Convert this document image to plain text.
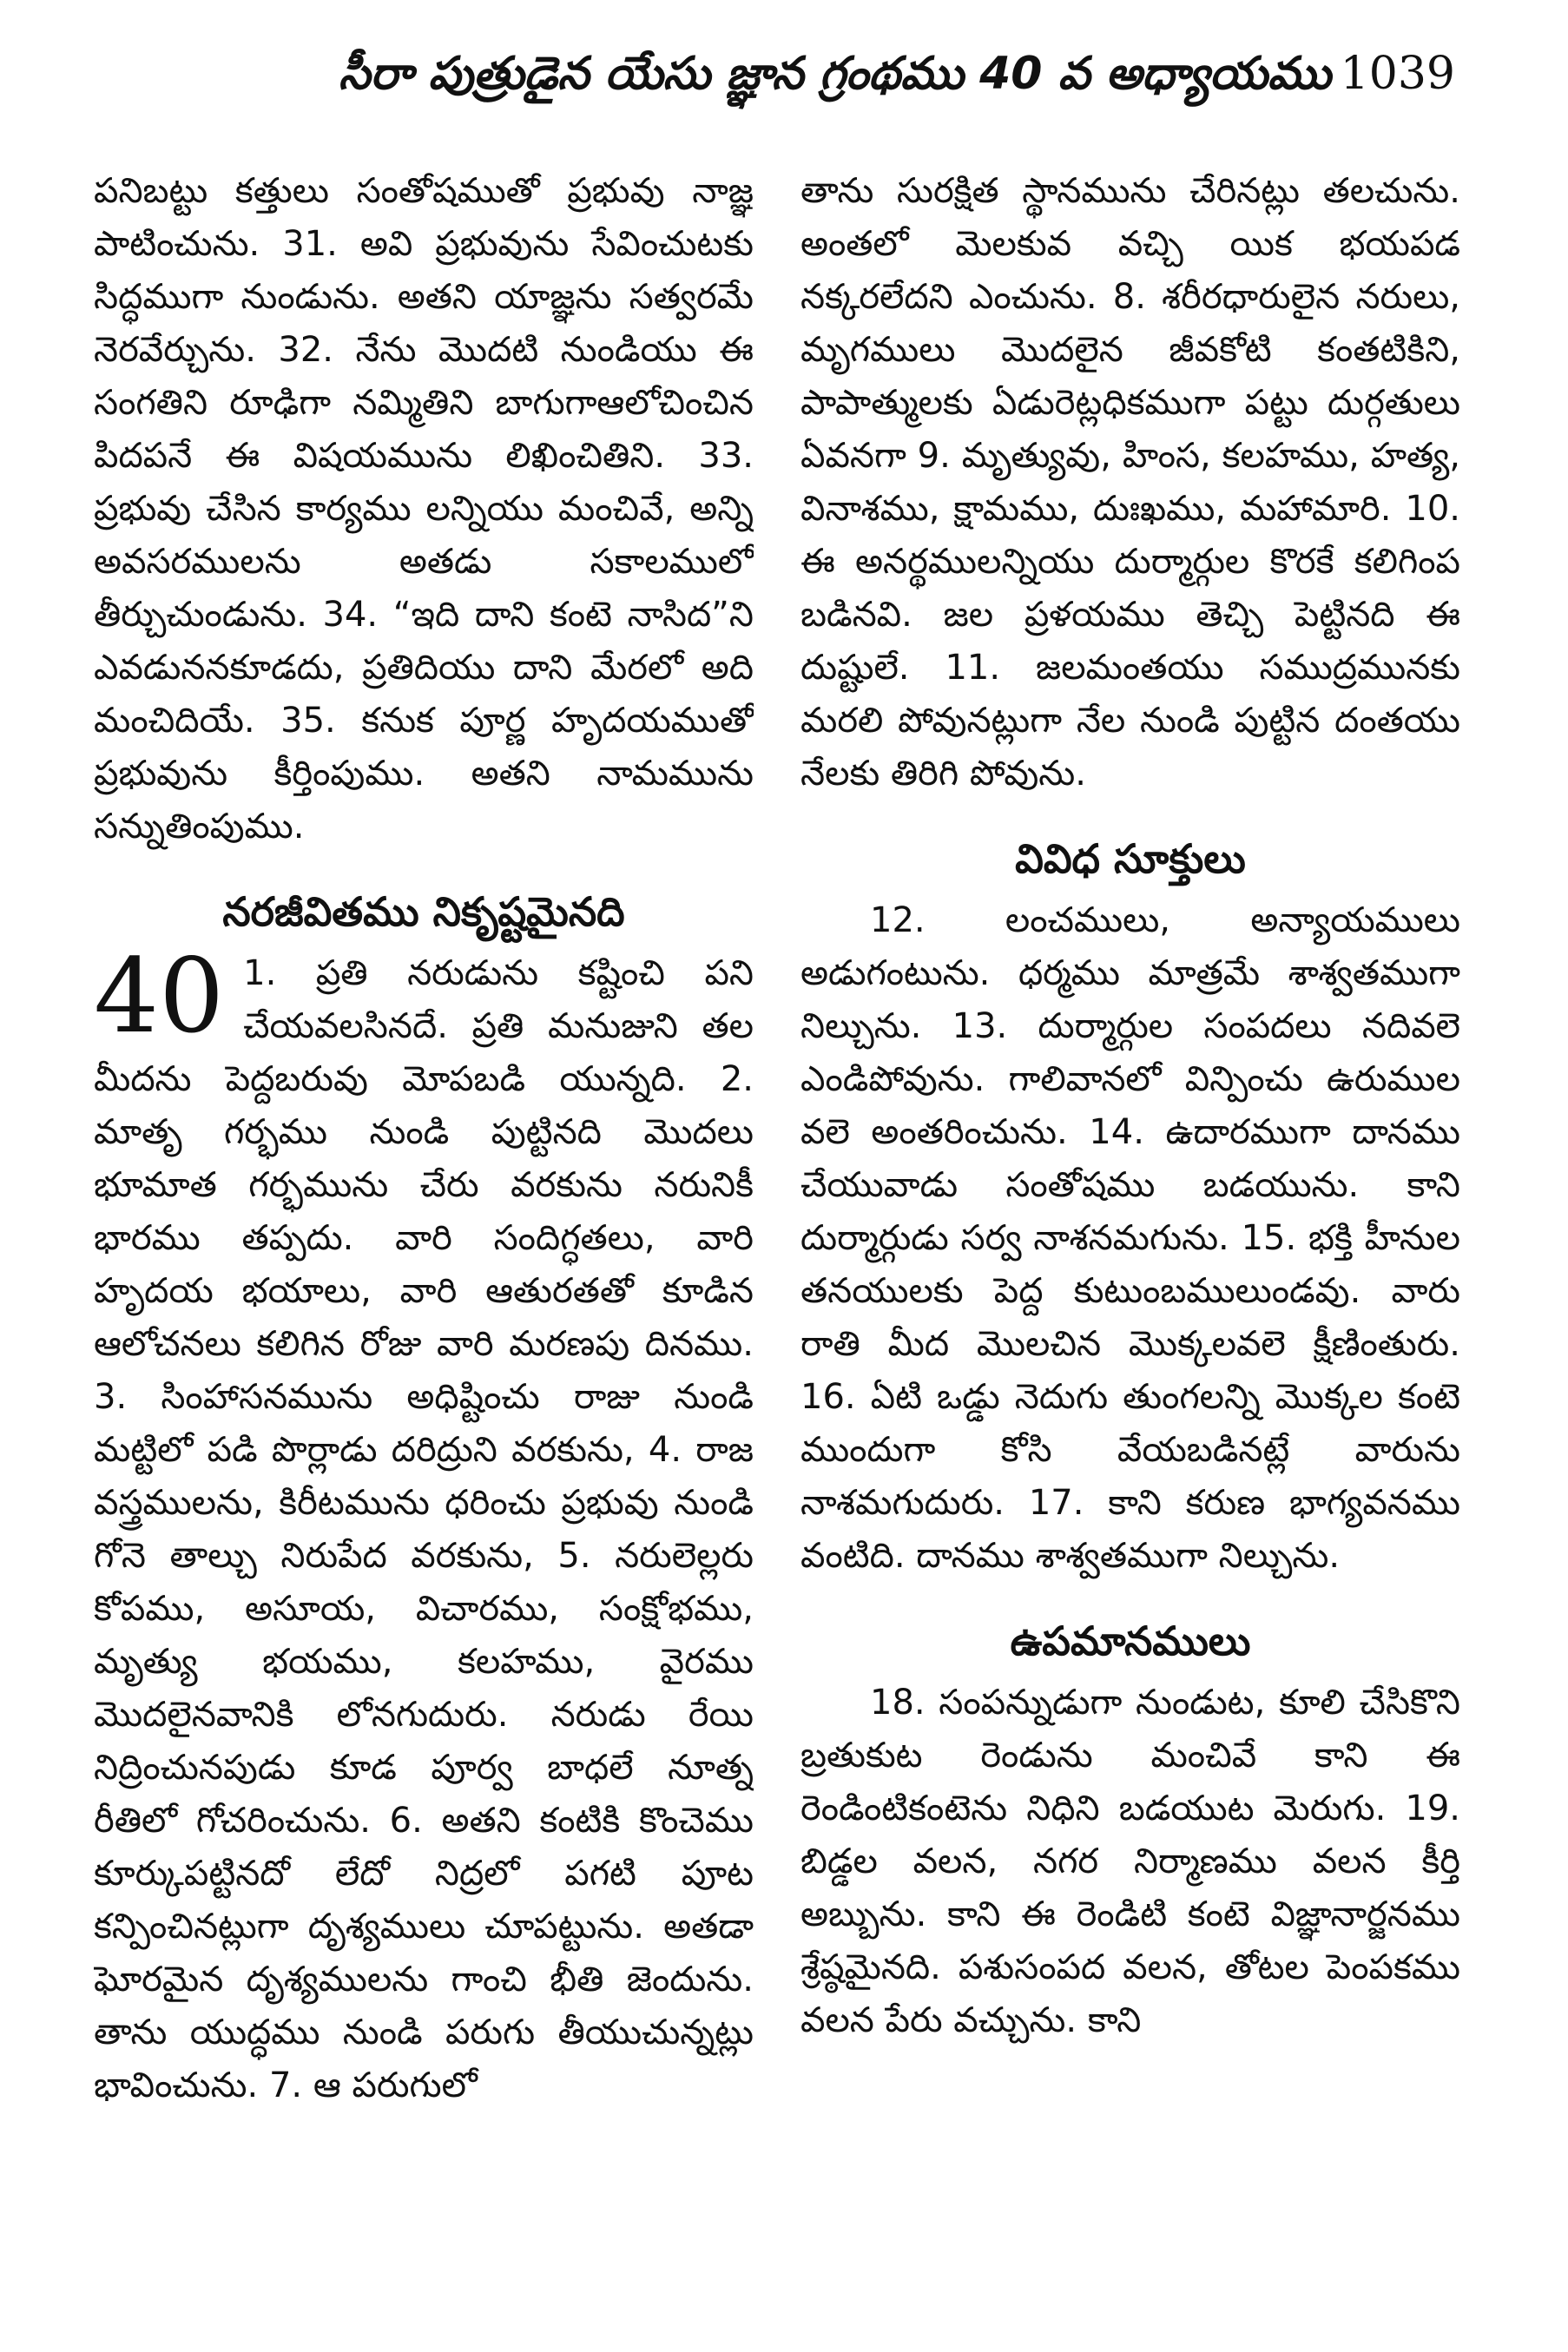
సీరా పుత్రుడైన యేసు జ్ఞాన గ్రంథము 40 వ అధ్యాయము 1039

పనిబట్టు కత్తులు సంతోషముతో ప్రభువు నాజ్ఞ పాటించును. 31. అవి ప్రభువును సేవించుటకు సిద్ధముగా నుండును. అతని యాజ్ఞను సత్వరమే నెరవేర్చును. 32. నేను మొదటి నుండియు ఈ సంగతిని రూఢిగా నమ్మితిని బాగుగాఆలోచించిన పిదపనే ఈ విషయమును లిఖించితిని. 33. ప్రభువు చేసిన కార్యము లన్నియు మంచివే, అన్ని అవసరములను అతడు సకాలములో తీర్చుచుండును. 34. “ఇది దాని కంటె నాసిద”ని ఎవడుననకూడదు, ప్రతిదియు దాని మేరలో అది మంచిదియే. 35. కనుక పూర్ణ హృదయముతో ప్రభువును కీర్తింపుము. అతని నామమును సన్నుతింపుము.

నరజీవితము నికృష్టమైనది

40 1. ప్రతి నరుడును కష్టించి పని చేయవలసినదే. ప్రతి మనుజుని తల మీదను పెద్దబరువు మోపబడి యున్నది. 2. మాతృ గర్భము నుండి పుట్టినది మొదలు భూమాత గర్భమును చేరు వరకును నరునికీ భారము తప్పదు. వారి సందిగ్ధతలు, వారి హృదయ భయాలు, వారి ఆతురతతో కూడిన ఆలోచనలు కలిగిన రోజు వారి మరణపు దినము. 3. సింహాసనమును అధిష్టించు రాజు నుండి మట్టిలో పడి పొర్లాడు దరిద్రుని వరకును, 4. రాజ వస్త్రములను, కిరీటమును ధరించు ప్రభువు నుండి గోనె తాల్చు నిరుపేద వరకును, 5. నరులెల్లరు కోపము, అసూయ, విచారము, సంక్షోభము, మృత్యు భయము, కలహము, వైరము మొదలైనవానికి లోనగుదురు. నరుడు రేయి నిద్రించునపుడు కూడ పూర్వ బాధలే నూత్న రీతిలో గోచరించును. 6. అతని కంటికి కొంచెము కూర్కుపట్టినదో లేదో నిద్రలో పగటి పూట కన్పించినట్లుగా దృశ్యములు చూపట్టును. అతడా ఘోరమైన దృశ్యములను గాంచి భీతి జెందును. తాను యుద్ధము నుండి పరుగు తీయుచున్నట్లు భావించును. 7. ఆ పరుగులో

తాను సురక్షిత స్థానమును చేరినట్లు తలచును. అంతలో మెలకువ వచ్చి యిక భయపడ నక్కరలేదని ఎంచును. 8. శరీరధారులైన నరులు, మృగములు మొదలైన జీవకోటి కంతటికిని, పాపాత్ములకు ఏడురెట్లధికముగా పట్టు దుర్గతులు ఏవనగా 9. మృత్యువు, హింస, కలహము, హత్య, వినాశము, క్షామము, దుఃఖము, మహామారి. 10. ఈ అనర్థములన్నియు దుర్మార్గుల కొరకే కలిగింప బడినవి. జల ప్రళయము తెచ్చి పెట్టినది ఈ దుష్టులే. 11. జలమంతయు సముద్రమునకు మరలి పోవునట్లుగా నేల నుండి పుట్టిన దంతయు నేలకు తిరిగి పోవును.

వివిధ సూక్తులు

12. లంచములు, అన్యాయములు అడుగంటును. ధర్మము మాత్రమే శాశ్వతముగా నిల్చును. 13. దుర్మార్గుల సంపదలు నదివలె ఎండిపోవును. గాలివానలో విన్పించు ఉరుముల వలె అంతరించును. 14. ఉదారముగా దానము చేయువాడు సంతోషము బడయును. కాని దుర్మార్గుడు సర్వ నాశనమగును. 15. భక్తి హీనుల తనయులకు పెద్ద కుటుంబములుండవు. వారు రాతి మీద మొలచిన మొక్కలవలె క్షీణింతురు. 16. ఏటి ఒడ్డు నెదుగు తుంగలన్ని మొక్కల కంటె ముందుగా కోసి వేయబడినట్లే వారును నాశమగుదురు. 17. కాని కరుణ భాగ్యవనము వంటిది. దానము శాశ్వతముగా నిల్చును.

ఉపమానములు

18. సంపన్నుడుగా నుండుట, కూలి చేసికొని బ్రతుకుట రెండును మంచివే కాని ఈ రెండింటికంటెను నిధిని బడయుట మెరుగు. 19. బిడ్డల వలన, నగర నిర్మాణము వలన కీర్తి అబ్బును. కాని ఈ రెండిటి కంటె విజ్ఞానార్జనము శ్రేష్ఠమైనది. పశుసంపద వలన, తోటల పెంపకము వలన పేరు వచ్చును. కాని
